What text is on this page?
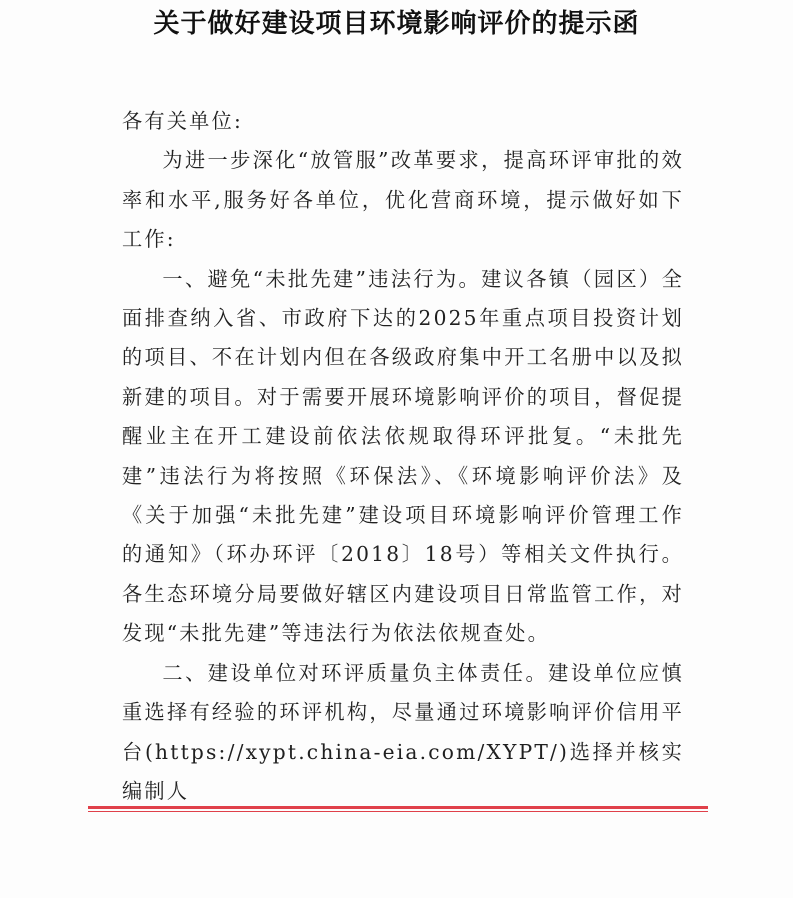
关于做好建设项目环境影响评价的提示函

各有关单位:

为进一步深化“放管服”改革要求，提高环评审批的效率和水平,服务好各单位，优化营商环境，提示做好如下工作:

一、避免“未批先建”违法行为。建议各镇（园区）全面排查纳入省、市政府下达的2025年重点项目投资计划的项目、不在计划内但在各级政府集中开工名册中以及拟新建的项目。对于需要开展环境影响评价的项目，督促提醒业主在开工建设前依法依规取得环评批复。“未批先建”违法行为将按照《环保法》、《环境影响评价法》及《关于加强“未批先建”建设项目环境影响评价管理工作的通知》（环办环评〔2018〕18号）等相关文件执行。各生态环境分局要做好辖区内建设项目日常监管工作，对发现“未批先建”等违法行为依法依规查处。

二、建设单位对环评质量负主体责任。建设单位应慎重选择有经验的环评机构，尽量通过环境影响评价信用平台(https://xypt.china-eia.com/XYPT/)选择并核实编制人
